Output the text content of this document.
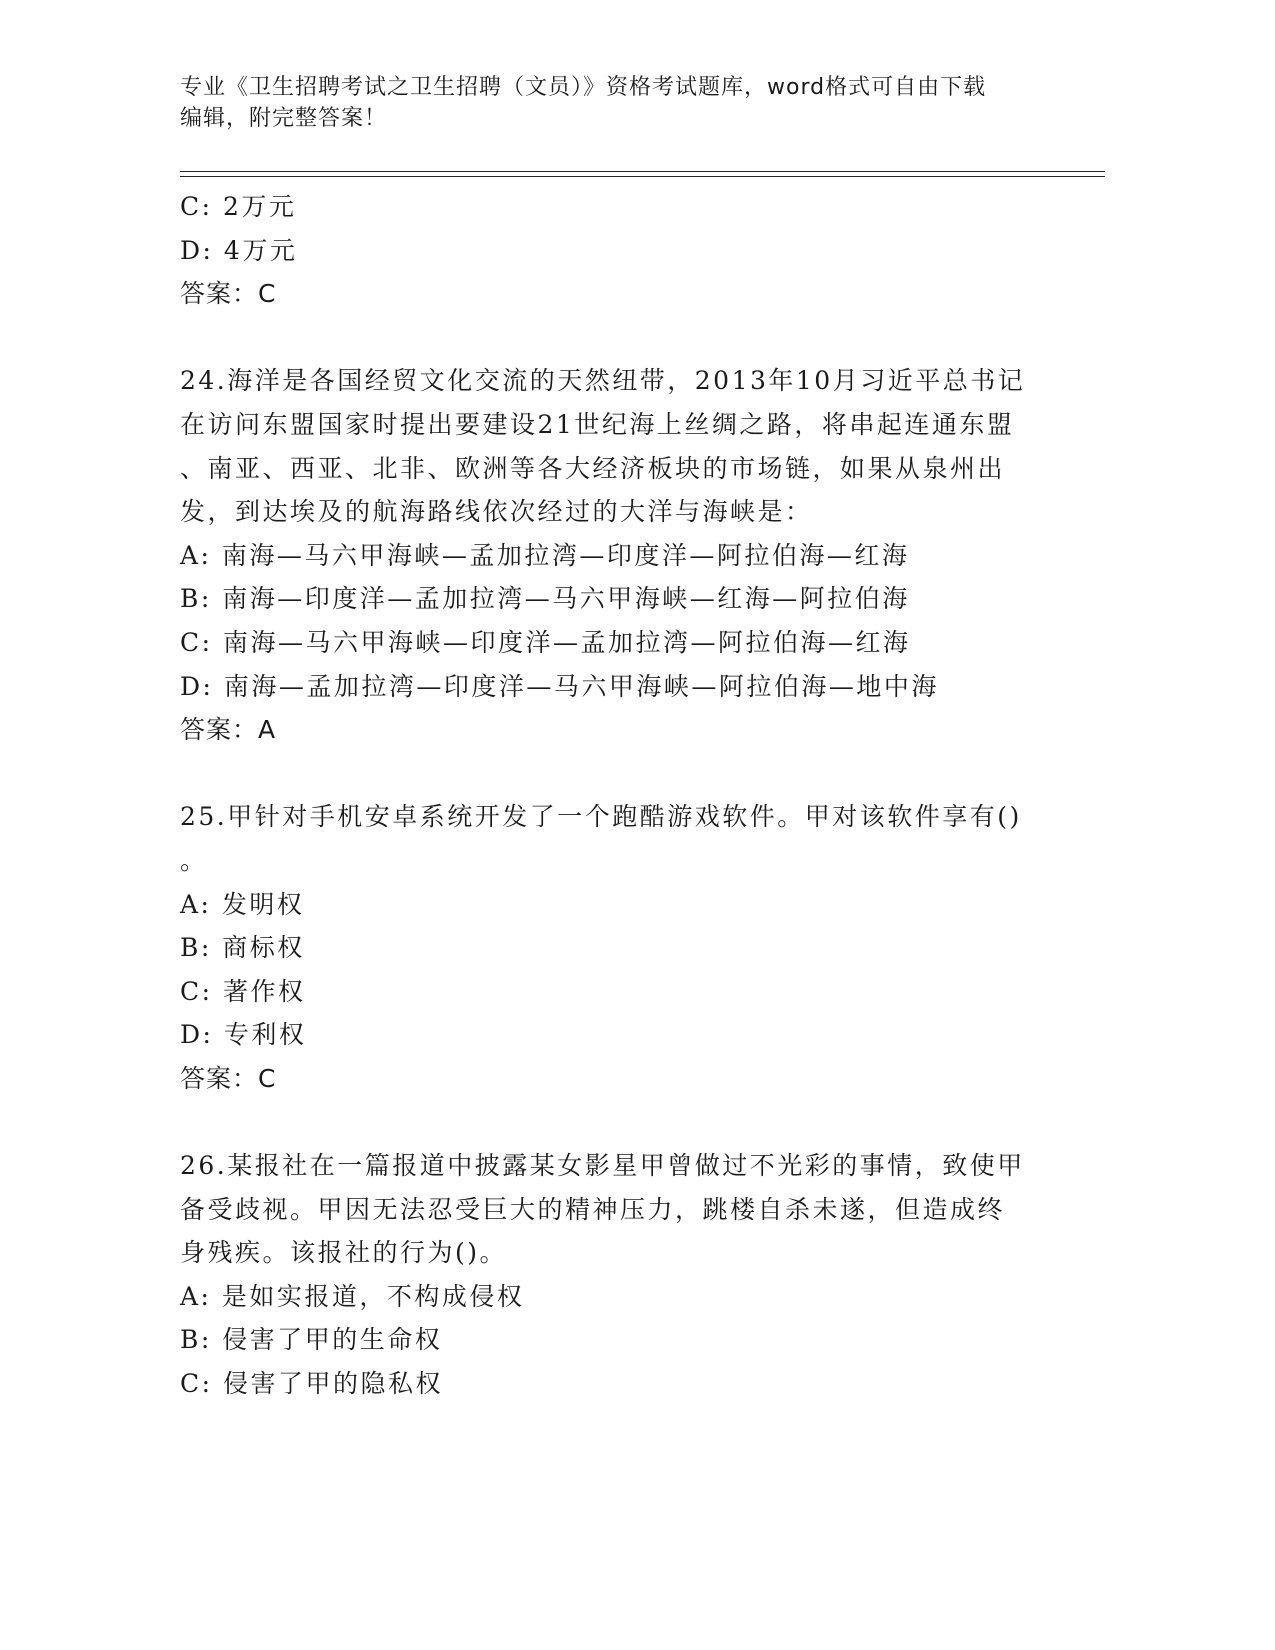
专业《卫生招聘考试之卫生招聘（文员）》资格考试题库，word格式可自由下载
编辑，附完整答案！
C: 2万元
D: 4万元
答案：C
24.海洋是各国经贸文化交流的天然纽带，2013年10月习近平总书记
在访问东盟国家时提出要建设21世纪海上丝绸之路，将串起连通东盟
、南亚、西亚、北非、欧洲等各大经济板块的市场链，如果从泉州出
发，到达埃及的航海路线依次经过的大洋与海峡是：
A: 南海—马六甲海峡—孟加拉湾—印度洋—阿拉伯海—红海
B: 南海—印度洋—孟加拉湾—马六甲海峡—红海—阿拉伯海
C: 南海—马六甲海峡—印度洋—孟加拉湾—阿拉伯海—红海
D: 南海—孟加拉湾—印度洋—马六甲海峡—阿拉伯海—地中海
答案：A
25.甲针对手机安卓系统开发了一个跑酷游戏软件。甲对该软件享有()
。
A: 发明权
B: 商标权
C: 著作权
D: 专利权
答案：C
26.某报社在一篇报道中披露某女影星甲曾做过不光彩的事情，致使甲
备受歧视。甲因无法忍受巨大的精神压力，跳楼自杀未遂，但造成终
身残疾。该报社的行为()。
A: 是如实报道，不构成侵权
B: 侵害了甲的生命权
C: 侵害了甲的隐私权
